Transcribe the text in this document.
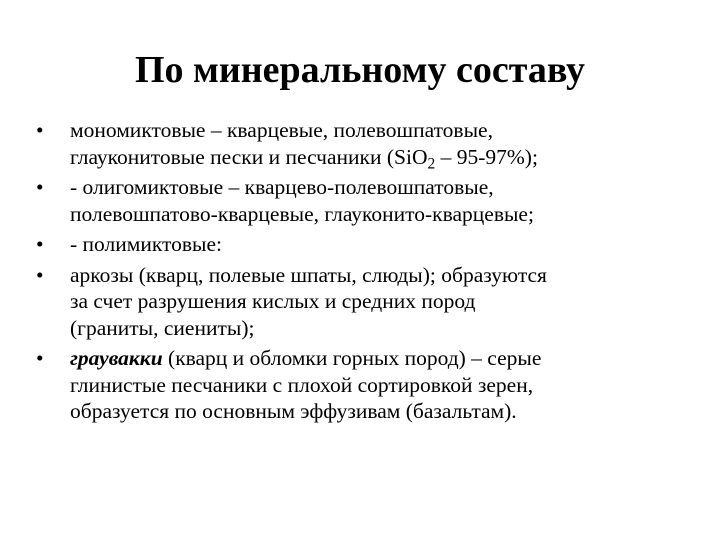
По минеральному составу
•	мономиктовые – кварцевые, полевошпатовые,
глауконитовые пески и песчаники (SiO$_2$ – 95-97%);
•	- олигомиктовые – кварцево-полевошпатовые,
полевошпатово-кварцевые, глауконито-кварцевые;
•	- полимиктовые:
•	аркозы (кварц, полевые шпаты, слюды); образуются
за счет разрушения кислых и средних пород
(граниты, сиениты);
•	граувакки (кварц и обломки горных пород) – серые
глинистые песчаники с плохой сортировкой зерен,
образуется по основным эффузивам (базальтам).
